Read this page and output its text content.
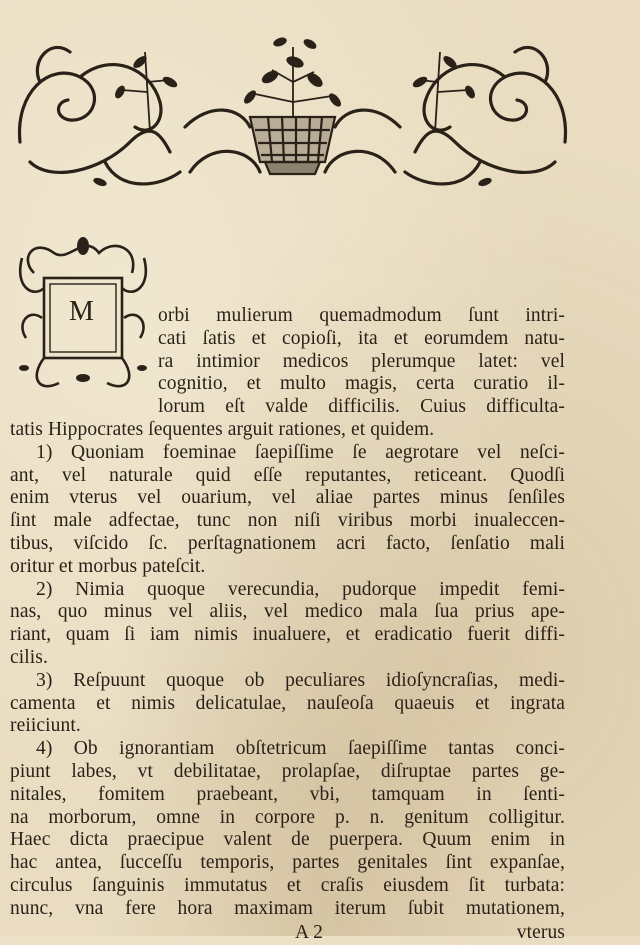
M	orbi mulierum quemadmodum ſunt intri-
cati ſatis et copioſi, ita et eorumdem natu-
ra intimior medicos plerumque latet: vel
cognitio, et multo magis, certa curatio il-
lorum eſt valde difficilis. Cuius difficulta-
tatis Hippocrates ſequentes arguit rationes, et quidem.
1) Quoniam foeminae ſaepiſſime ſe aegrotare vel neſci-
ant, vel naturale quid eſſe reputantes, reticeant. Quodſi
enim vterus vel ouarium, vel aliae partes minus ſenſiles
ſint male adfectae, tunc non niſi viribus morbi inualeccen-
tibus, viſcido ſc. perſtagnationem acri facto, ſenſatio mali
oritur et morbus pateſcit.
2) Nimia quoque verecundia, pudorque impedit femi-
nas, quo minus vel aliis, vel medico mala ſua prius ape-
riant, quam ſi iam nimis inualuere, et eradicatio fuerit diffi-
cilis.
3) Reſpuunt quoque ob peculiares idioſyncraſias, medi-
camenta et nimis delicatulae, nauſeoſa quaeuis et ingrata
reiiciunt.
4) Ob ignorantiam obſtetricum ſaepiſſime tantas conci-
piunt labes, vt debilitatae, prolapſae, diſruptae partes ge-
nitales, fomitem praebeant, vbi, tamquam in ſenti-
na morborum, omne in corpore p. n. genitum colligitur.
Haec dicta praecipue valent de puerpera. Quum enim in
hac antea, ſucceſſu temporis, partes genitales ſint expanſae,
circulus ſanguinis immutatus et craſis eiusdem ſit turbata:
nunc, vna fere hora maximam iterum ſubit mutationem,
A 2	vterus
